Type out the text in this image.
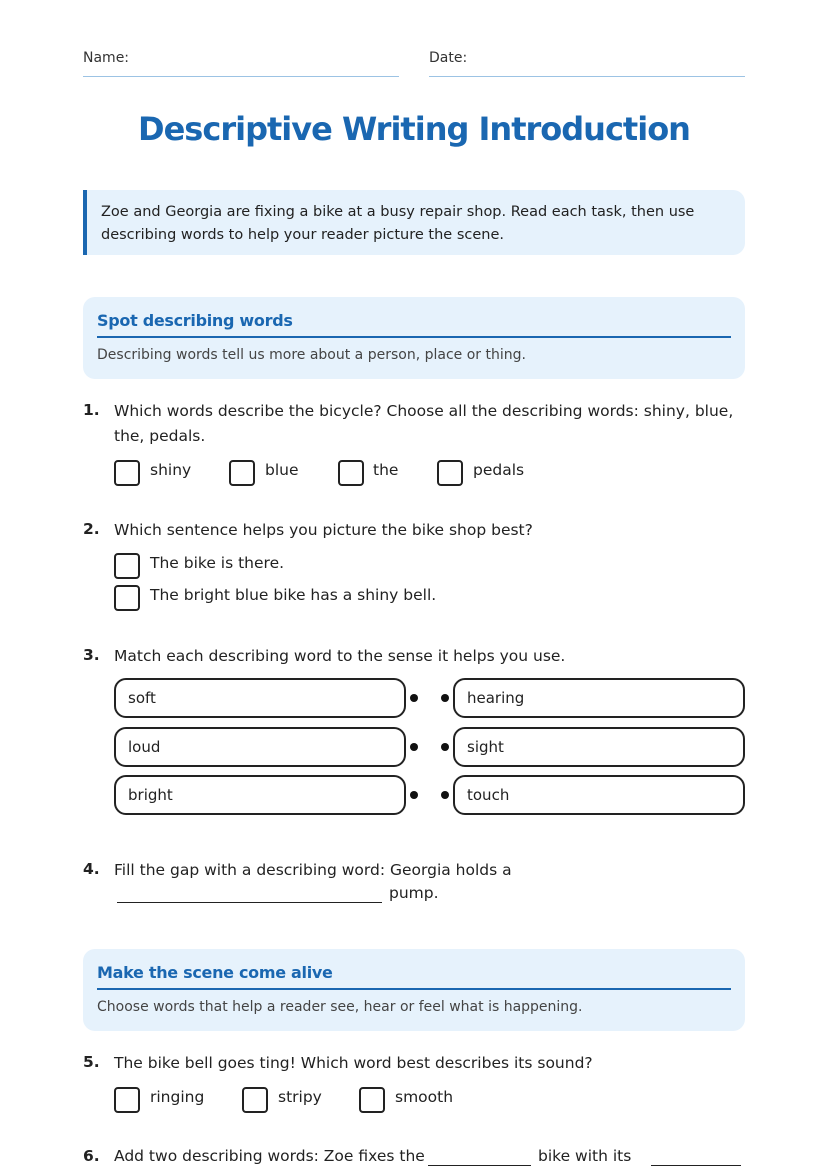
Name:	Date:
Descriptive Writing Introduction
Zoe and Georgia are fixing a bike at a busy repair shop. Read each task, then use describing words to help your reader picture the scene.
Spot describing words
Describing words tell us more about a person, place or thing.
1. Which words describe the bicycle? Choose all the describing words: shiny, blue, the, pedals.
shiny	blue	the	pedals
2. Which sentence helps you picture the bike shop best?
The bike is there.
The bright blue bike has a shiny bell.
3. Match each describing word to the sense it helps you use.
soft	hearing
loud	sight
bright	touch
4. Fill the gap with a describing word: Georgia holds a
pump.
Make the scene come alive
Choose words that help a reader see, hear or feel what is happening.
5. The bike bell goes ting! Which word best describes its sound?
ringing	stripy	smooth
6. Add two describing words: Zoe fixes the	bike with its
